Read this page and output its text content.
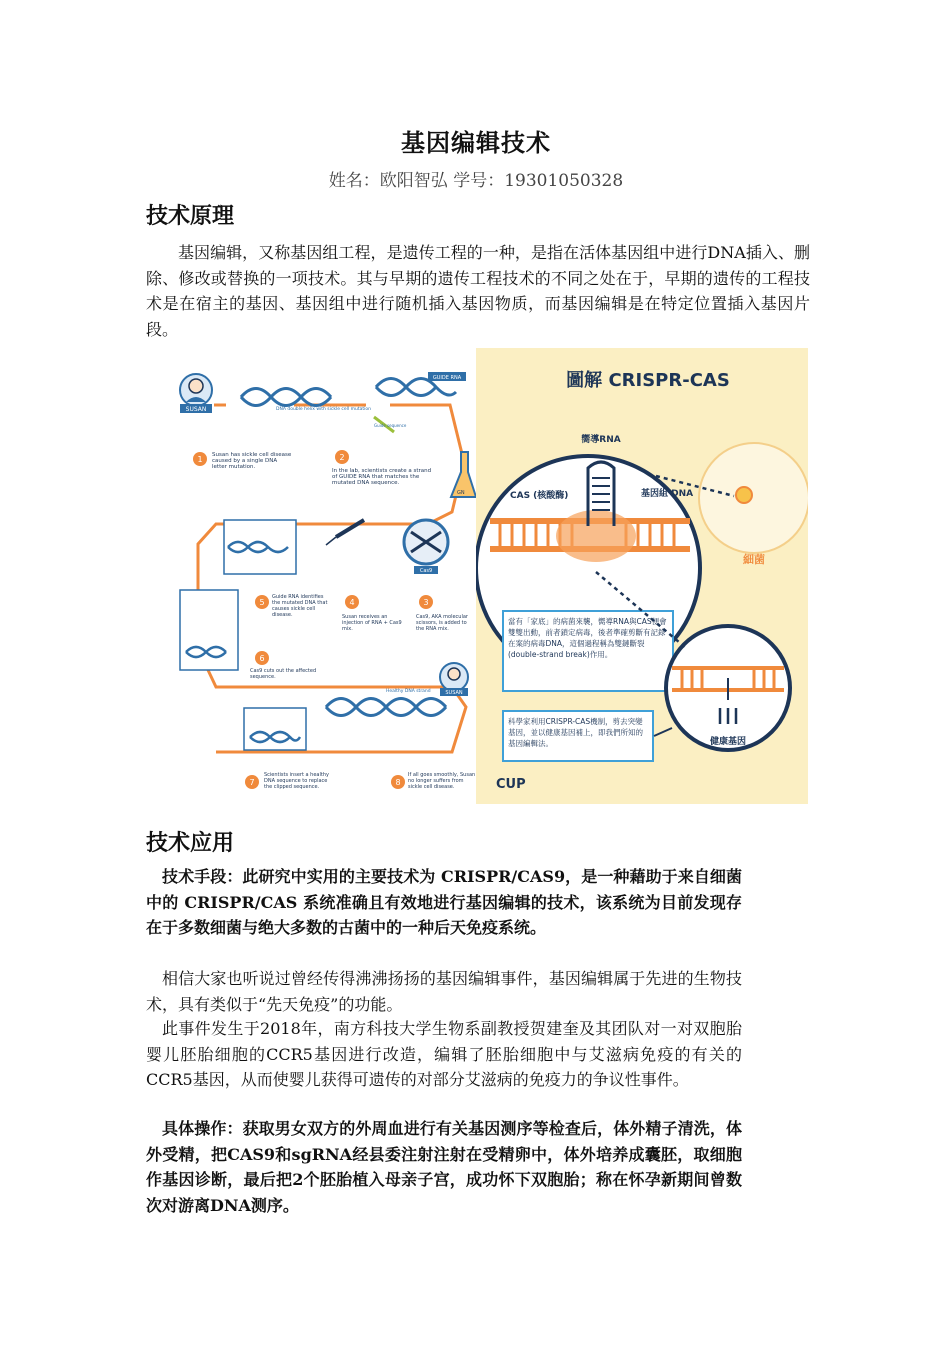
基因编辑技术
姓名：欧阳智弘 学号：19301050328
技术原理
基因编辑，又称基因组工程，是遗传工程的一种，是指在活体基因组中进行DNA插入、删除、修改或替换的一项技术。其与早期的遗传工程技术的不同之处在于，早期的遗传的工程技术是在宿主的基因、基因组中进行随机插入基因物质，而基因编辑是在特定位置插入基因片段。
SUSAN	DNA double helix with sickle cell mutation
GUIDE RNA
Guide sequence
GN
1 Susan has sickle cell disease caused by a single DNA letter mutation.
2
In the lab, scientists create a strand of GUIDE RNA that matches the mutated DNA sequence.
Cas9
5
Guide RNA identifies the mutated DNA that causes sickle cell disease.
4
Susan receives an injection of RNA + Cas9 mix.
3
Cas9, AKA molecular scissors, is added to the RNA mix.
6
Cas9 cuts out the affected sequence.
Healthy DNA strand	SUSAN
7
Scientists insert a healthy DNA sequence to replace the clipped sequence.	8
If all goes smoothly, Susan no longer suffers from sickle cell disease.
圖解 CRISPR-CAS
細菌
嚮導RNA
CAS (核酸酶)	基因組 DNA
當有「家底」的病菌來襲，嚮導RNA與CAS便會雙雙出動，前者鎖定病毒，後者準確剪斷有記錄在案的病毒DNA，這個過程稱為雙鏈斷裂(double-strand break)作用。
健康基因
科學家利用CRISPR-CAS機制，剪去突變基因，並以健康基因補上，即我們所知的基因編輯法。
CUP
技术应用
技术手段：此研究中实用的主要技术为 CRISPR/CAS9，是一种藉助于来自细菌中的 CRISPR/CAS 系统准确且有效地进行基因编辑的技术，该系统为目前发现存在于多数细菌与绝大多数的古菌中的一种后天免疫系统。
相信大家也听说过曾经传得沸沸扬扬的基因编辑事件，基因编辑属于先进的生物技术，具有类似于“先天免疫”的功能。
此事件发生于2018年，南方科技大学生物系副教授贺建奎及其团队对一对双胞胎婴儿胚胎细胞的CCR5基因进行改造，编辑了胚胎细胞中与艾滋病免疫的有关的CCR5基因，从而使婴儿获得可遗传的对部分艾滋病的免疫力的争议性事件。
具体操作：获取男女双方的外周血进行有关基因测序等检查后，体外精子清洗，体外受精，把CAS9和sgRNA经县委注射注射在受精卵中，体外培养成囊胚，取细胞作基因诊断，最后把2个胚胎植入母亲子宫，成功怀下双胞胎；称在怀孕新期间曾数次对游离DNA测序。
